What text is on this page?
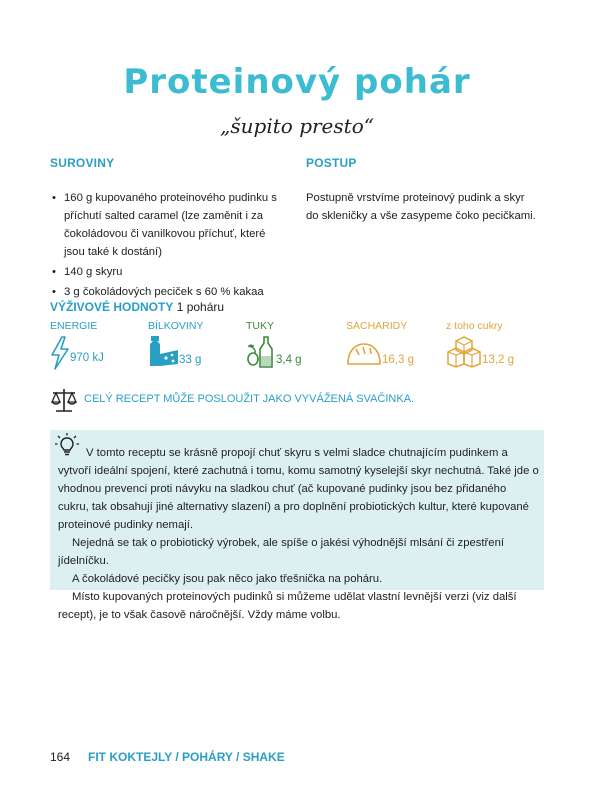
Proteinový pohár
„šupito presto“
SUROVINY
• 160 g kupovaného proteinového pudinku s příchutí salted caramel (lze zaměnit i za čokoládovou či vanilkovou příchuť, které jsou také k dostání)
• 140 g skyru
• 3 g čokoládových peciček s 60 % kakaa
POSTUP
Postupně vrstvíme proteinový pudink a skyr do skleničky a vše zasypeme čoko pecičkami.
VÝŽIVOVÉ HODNOTY 1 poháru
ENERGIE
970 kJ
BÍLKOVINY
33 g
TUKY
3,4 g
SACHARIDY
16,3 g
z toho cukry
13,2 g
CELÝ RECEPT MŮŽE POSLOUŽIT JAKO VYVÁŽENÁ SVAČINKA.

V tomto receptu se krásně propojí chuť skyru s velmi sladce chutnajícím pudinkem a vytvoří ideální spojení, které zachutná i tomu, komu samotný kyselejší skyr nechutná. Také jde o vhodnou prevenci proti návyku na sladkou chuť (ač kupované pudinky jsou bez přidaného cukru, tak obsahují jiné alternativy slazení) a pro doplnění probiotických kultur, které kupované proteinové pudinky nemají.

Nejedná se tak o probiotický výrobek, ale spíše o jakési výhodnější mlsání či zpestření jídelníčku.

A čokoládové pecičky jsou pak něco jako třešnička na poháru.

Místo kupovaných proteinových pudinků si můžeme udělat vlastní levnější verzi (viz další recept), je to však časově náročnější. Vždy máme volbu.

164 FIT KOKTEJLY / POHÁRY / SHAKE
